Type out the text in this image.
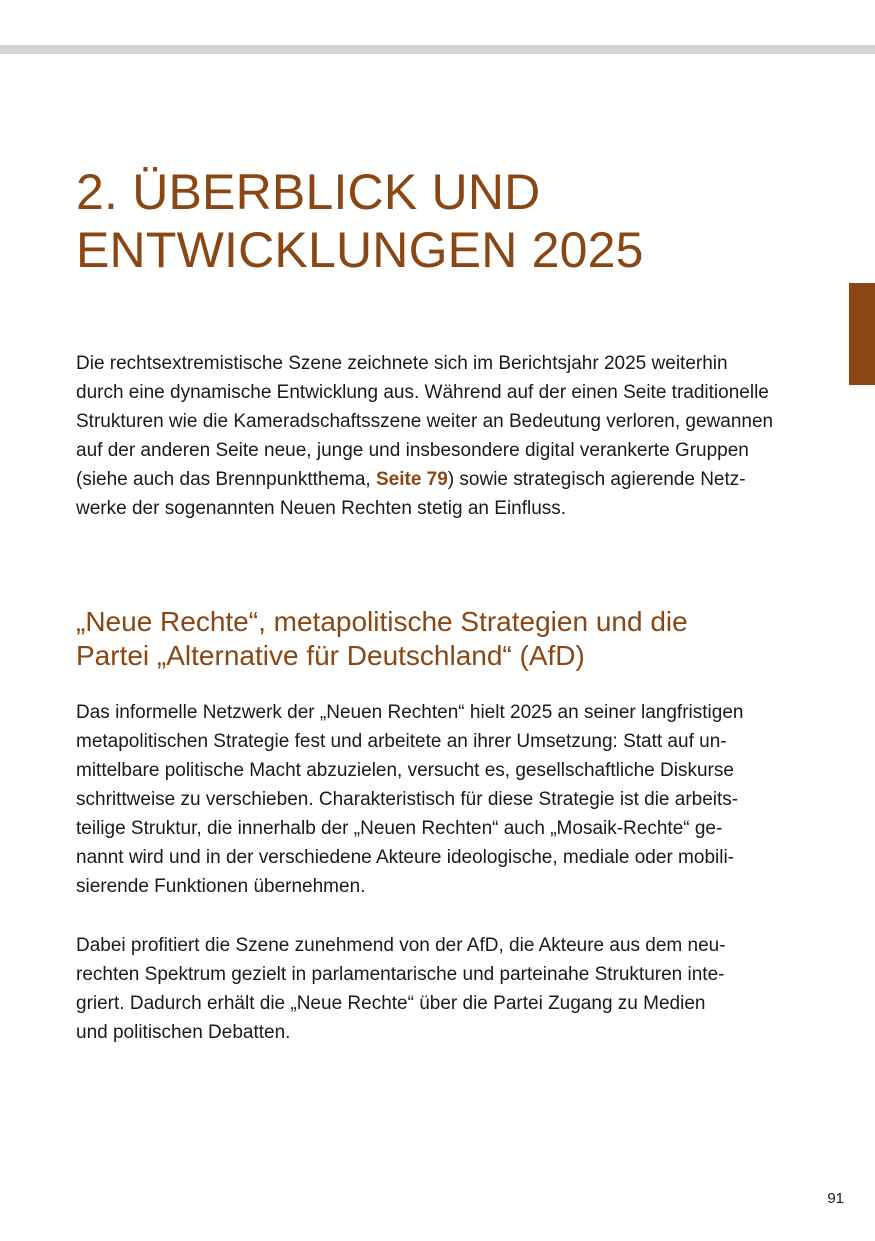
2. ÜBERBLICK UND
ENTWICKLUNGEN 2025

Die rechtsextremistische Szene zeichnete sich im Berichtsjahr 2025 weiterhin
durch eine dynamische Entwicklung aus. Während auf der einen Seite traditionelle
Strukturen wie die Kameradschaftsszene weiter an Bedeutung verloren, gewannen
auf der anderen Seite neue, junge und insbesondere digital verankerte Gruppen
(siehe auch das Brennpunktthema, Seite 79) sowie strategisch agierende Netz-
werke der sogenannten Neuen Rechten stetig an Einfluss.

„Neue Rechte“, metapolitische Strategien und die
Partei „Alternative für Deutschland“ (AfD)

Das informelle Netzwerk der „Neuen Rechten“ hielt 2025 an seiner langfristigen
metapolitischen Strategie fest und arbeitete an ihrer Umsetzung: Statt auf un-
mittelbare politische Macht abzuzielen, versucht es, gesellschaftliche Diskurse
schrittweise zu verschieben. Charakteristisch für diese Strategie ist die arbeits-
teilige Struktur, die innerhalb der „Neuen Rechten“ auch „Mosaik-Rechte“ ge-
nannt wird und in der verschiedene Akteure ideologische, mediale oder mobili-
sierende Funktionen übernehmen.

Dabei profitiert die Szene zunehmend von der AfD, die Akteure aus dem neu-
rechten Spektrum gezielt in parlamentarische und parteinahe Strukturen inte-
griert. Dadurch erhält die „Neue Rechte“ über die Partei Zugang zu Medien
und politischen Debatten.

91
